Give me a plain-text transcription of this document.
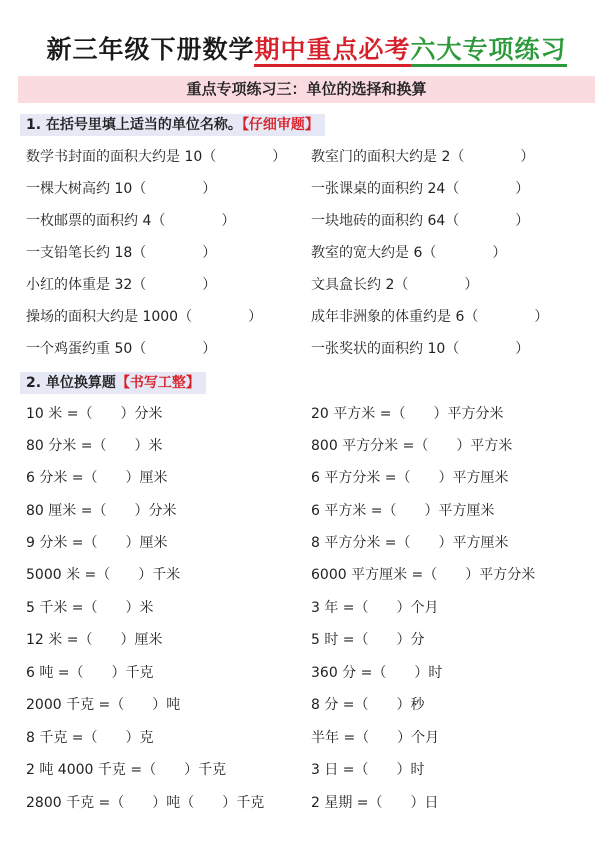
新三年级下册数学期中重点必考六大专项练习
重点专项练习三：单位的选择和换算
1. 在括号里填上适当的单位名称。【仔细审题】
数学书封面的面积大约是 10（　　　　） 教室门的面积大约是 2（　　　　）
一棵大树高约 10（　　　　）	一张课桌的面积约 24（　　　　）
一枚邮票的面积约 4（　　　　）	一块地砖的面积约 64（　　　　）
一支铅笔长约 18（　　　　）	教室的宽大约是 6（　　　　）
小红的体重是 32（　　　　）	文具盒长约 2（　　　　）
操场的面积大约是 1000（　　　　）	成年非洲象的体重约是 6（　　　　）
一个鸡蛋约重 50（　　　　）	一张奖状的面积约 10（　　　　）
2. 单位换算题【书写工整】
10 米 =（　　）分米	20 平方米 =（　　）平方分米
80 分米 =（　　）米	800 平方分米 =（　　）平方米
6 分米 =（　　）厘米	6 平方分米 =（　　）平方厘米
80 厘米 =（　　）分米	6 平方米 =（　　）平方厘米
9 分米 =（　　）厘米	8 平方分米 =（　　）平方厘米
5000 米 =（　　）千米	6000 平方厘米 =（　　）平方分米
5 千米 =（　　）米	3 年 =（　　）个月
12 米 =（　　）厘米	5 时 =（　　）分
6 吨 =（　　）千克	360 分 =（　　）时
2000 千克 =（　　）吨	8 分 =（　　）秒
8 千克 =（　　）克	半年 =（　　）个月
2 吨 4000 千克 =（　　）千克	3 日 =（　　）时
2800 千克 =（　　）吨（　　）千克	2 星期 =（　　）日
